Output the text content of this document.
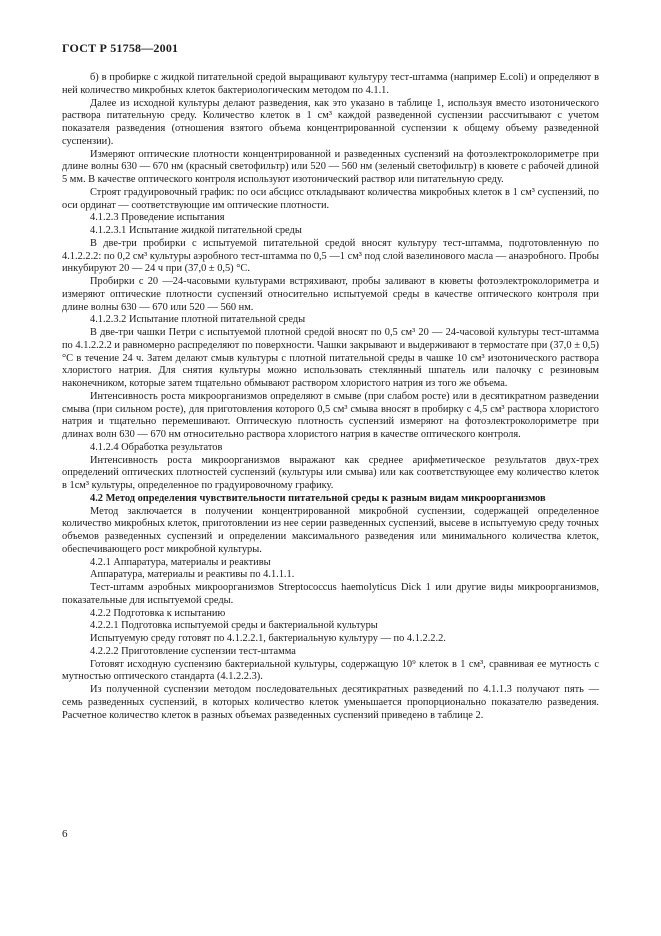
ГОСТ Р 51758—2001

б) в пробирке с жидкой питательной средой выращивают культуру тест-штамма (например E.coli) и определяют в ней количество микробных клеток бактериологическим методом по 4.1.1.

Далее из исходной культуры делают разведения, как это указано в таблице 1, используя вместо изотонического раствора питательную среду. Количество клеток в 1 см³ каждой разведенной суспензии рассчитывают с учетом показателя разведения (отношения взятого объема концентрированной суспензии к общему объему разведенной суспензии).

Измеряют оптические плотности концентрированной и разведенных суспензий на фотоэлектроколориметре при длине волны 630 — 670 нм (красный светофильтр) или 520 — 560 нм (зеленый светофильтр) в кювете с рабочей длиной 5 мм. В качестве оптического контроля используют изотонический раствор или питательную среду.

Строят градуировочный график: по оси абсцисс откладывают количества микробных клеток в 1 см³ суспензий, по оси ординат — соответствующие им оптические плотности.

4.1.2.3 Проведение испытания

4.1.2.3.1 Испытание жидкой питательной среды

В две-три пробирки с испытуемой питательной средой вносят культуру тест-штамма, подготовленную по 4.1.2.2.2: по 0,2 см³ культуры аэробного тест-штамма по 0,5 —1 см³ под слой вазелинового масла — анаэробного. Пробы инкубируют 20 — 24 ч при (37,0 ± 0,5) °С.

Пробирки с 20 —24-часовыми культурами встряхивают, пробы заливают в кюветы фотоэлектроколориметра и измеряют оптические плотности суспензий относительно испытуемой среды в качестве оптического контроля при длине волны 630 — 670 или 520 — 560 нм.

4.1.2.3.2 Испытание плотной питательной среды

В две-три чашки Петри с испытуемой плотной средой вносят по 0,5 см³ 20 — 24-часовой культуры тест-штамма по 4.1.2.2.2 и равномерно распределяют по поверхности. Чашки закрывают и выдерживают в термостате при (37,0 ± 0,5) °С в течение 24 ч. Затем делают смыв культуры с плотной питательной среды в чашке 10 см³ изотонического раствора хлористого натрия. Для снятия культуры можно использовать стеклянный шпатель или палочку с резиновым наконечником, которые затем тщательно обмывают раствором хлористого натрия из того же объема.

Интенсивность роста микроорганизмов определяют в смыве (при слабом росте) или в десятикратном разведении смыва (при сильном росте), для приготовления которого 0,5 см³ смыва вносят в пробирку с 4,5 см³ раствора хлористого натрия и тщательно перемешивают. Оптическую плотность суспензий измеряют на фотоэлектроколориметре при длинах волн 630 — 670 нм относительно раствора хлористого натрия в качестве оптического контроля.

4.1.2.4 Обработка результатов

Интенсивность роста микроорганизмов выражают как среднее арифметическое результатов двух-трех определений оптических плотностей суспензий (культуры или смыва) или как соответствующее ему количество клеток в 1см³ культуры, определенное по градуировочному графику.

4.2 Метод определения чувствительности питательной среды к разным видам микроорганизмов

Метод заключается в получении концентрированной микробной суспензии, содержащей определенное количество микробных клеток, приготовлении из нее серии разведенных суспензий, высеве в испытуемую среду точных объемов разведенных суспензий и определении максимального разведения или минимального количества клеток, обеспечивающего рост микробной культуры.

4.2.1 Аппаратура, материалы и реактивы

Аппаратура, материалы и реактивы по 4.1.1.1.

Тест-штамм аэробных микроорганизмов Streptococcus haemolyticus Dick 1 или другие виды микроорганизмов, показательные для испытуемой среды.

4.2.2 Подготовка к испытанию

4.2.2.1 Подготовка испытуемой среды и бактериальной культуры

Испытуемую среду готовят по 4.1.2.2.1, бактериальную культуру — по 4.1.2.2.2.

4.2.2.2 Приготовление суспензии тест-штамма

Готовят исходную суспензию бактериальной культуры, содержащую 10⁹ клеток в 1 см³, сравнивая ее мутность с мутностью оптического стандарта (4.1.2.2.3).

Из полученной суспензии методом последовательных десятикратных разведений по 4.1.1.3 получают пять — семь разведенных суспензий, в которых количество клеток уменьшается пропорционально показателю разведения. Расчетное количество клеток в разных объемах разведенных суспензий приведено в таблице 2.

6
